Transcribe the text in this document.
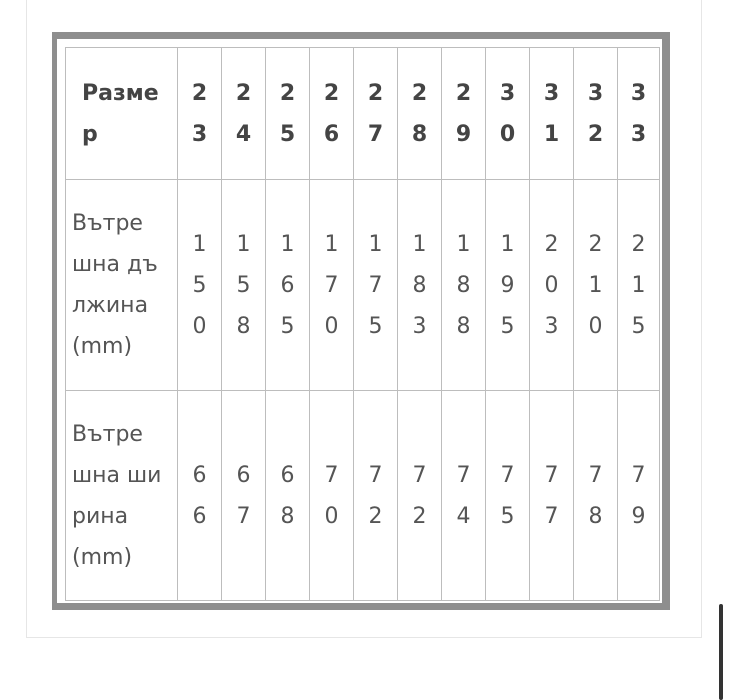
Размер	23	24	25	26	27	28	29	30	31	32	33
Вътрешна дължина (mm)	150	158	165	170	175	183	188	195	203	210	215
Вътрешна ширина (mm)	66	67	68	70	72	72	74	75	77	78	79
